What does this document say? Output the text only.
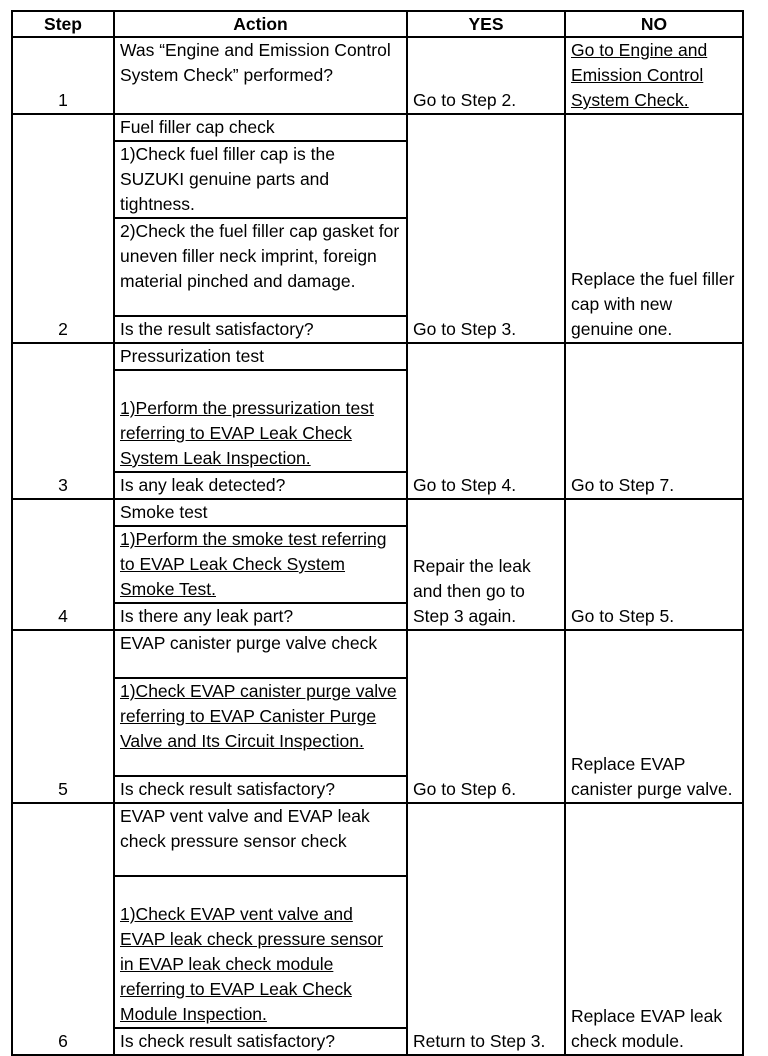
Step	Action	YES	NO
1	Was “Engine and Emission Control System Check” performed?	Go to Step 2.	Go to Engine and Emission Control System Check.
2	Fuel filler cap check	Go to Step 3.	Replace the fuel filler cap with new genuine one.
	1)Check fuel filler cap is the SUZUKI genuine parts and tightness.		
	2)Check the fuel filler cap gasket for uneven filler neck imprint, foreign material pinched and damage.		
	Is the result satisfactory?		
3	Pressurization test	Go to Step 4.	Go to Step 7.
	1)Perform the pressurization test referring to EVAP Leak Check System Leak Inspection.		
	Is any leak detected?		
4	Smoke test	Repair the leak and then go to Step 3 again.	Go to Step 5.
	1)Perform the smoke test referring to EVAP Leak Check System Smoke Test.		
	Is there any leak part?		
5	EVAP canister purge valve check	Go to Step 6.	Replace EVAP canister purge valve.
	1)Check EVAP canister purge valve referring to EVAP Canister Purge Valve and Its Circuit Inspection.		
	Is check result satisfactory?		
6	EVAP vent valve and EVAP leak check pressure sensor check	Return to Step 3.	Replace EVAP leak check module.
	1)Check EVAP vent valve and EVAP leak check pressure sensor in EVAP leak check module referring to EVAP Leak Check Module Inspection.		
	Is check result satisfactory?		
